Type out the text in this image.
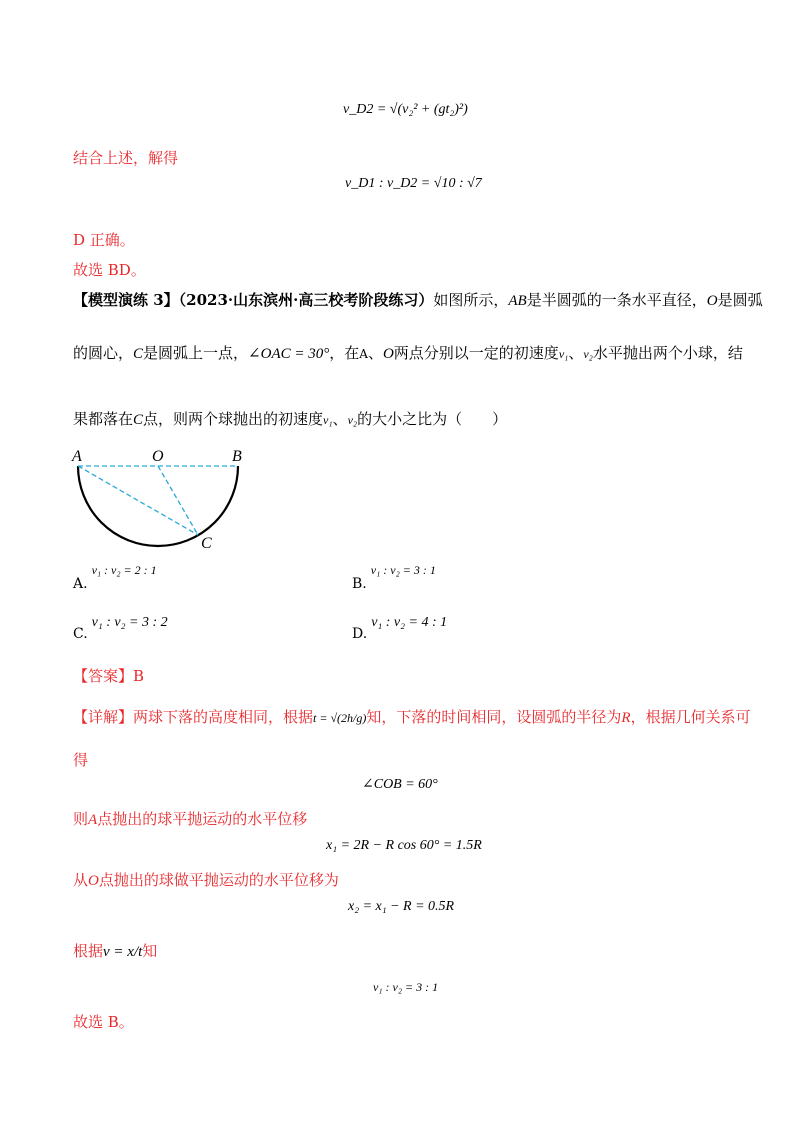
v_D2 = √(v₂² + (gt₂)²)
结合上述，解得
v_D1 : v_D2 = √10 : √7
D 正确。
故选 BD。
【模型演练 3】（2023·山东滨州·高三校考阶段练习）如图所示，AB是半圆弧的一条水平直径，O是圆弧
的圆心，C是圆弧上一点，∠OAC = 30°，在A、O两点分别以一定的初速度v₁、v₂水平抛出两个小球，结
果都落在C点，则两个球抛出的初速度v₁、v₂的大小之比为（　　）
A	O	B
C
A.v₁ : v₂ = 2 : 1
B.v₁ : v₂ = 3 : 1
C.v₁ : v₂ = 3 : 2
D.v₁ : v₂ = 4 : 1
【答案】B
【详解】两球下落的高度相同，根据t = √(2h/g)知，下落的时间相同，设圆弧的半径为R，根据几何关系可
得
∠COB = 60°
则A点抛出的球平抛运动的水平位移
x₁ = 2R − R cos 60° = 1.5R
从O点抛出的球做平抛运动的水平位移为
x₂ = x₁ − R = 0.5R
根据v = x/t知
v₁ : v₂ = 3 : 1
故选 B。
